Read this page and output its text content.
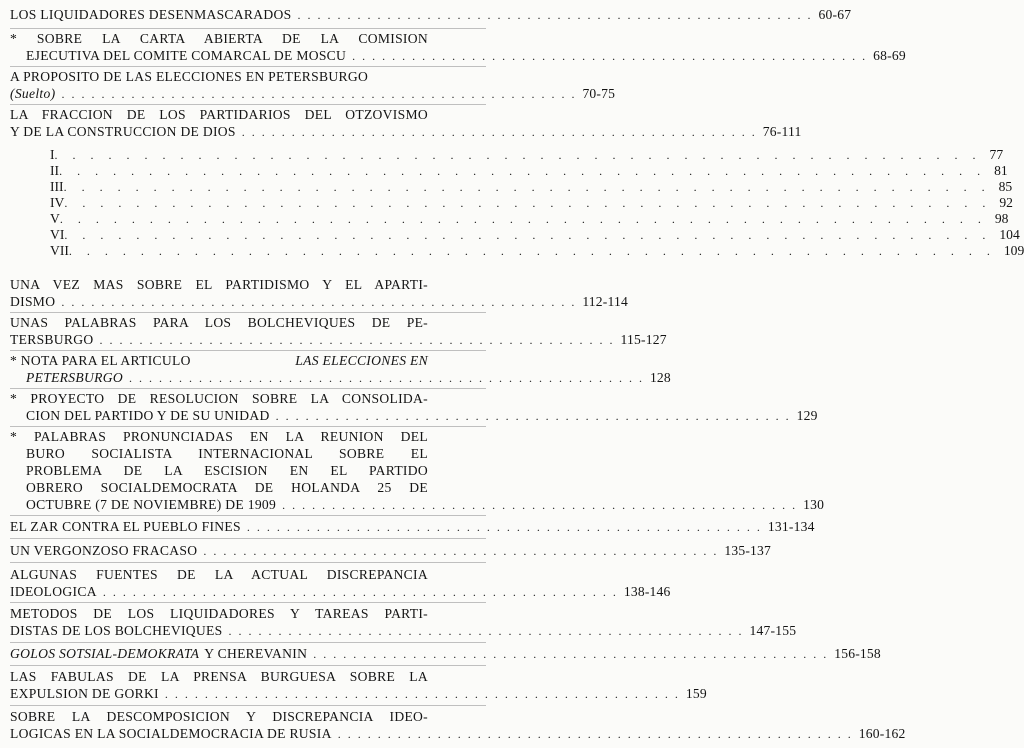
LOS LIQUIDADORES DESENMASCARADOS . . . . . . . . . . . . . . . . . . . . . . . . . . . . . . . . . . . . . . . . . . . . . . . . . . . . 60-67
* SOBRE LA CARTA ABIERTA DE LA COMISION
EJECUTIVA DEL COMITE COMARCAL DE MOSCU . . . . . . . . . . . . . . . . . . . . . . . . . . . . . . . . . . . . . . . . . . . . . . . . . . . . 68-69
A PROPOSITO DE LAS ELECCIONES EN PETERSBURGO
(Suelto) . . . . . . . . . . . . . . . . . . . . . . . . . . . . . . . . . . . . . . . . . . . . . . . . . . . . 70-75
LA FRACCION DE LOS PARTIDARIOS DEL OTZOVISMO
Y DE LA CONSTRUCCION DE DIOS . . . . . . . . . . . . . . . . . . . . . . . . . . . . . . . . . . . . . . . . . . . . . . . . . . . . 76-111
I . . . . . . . . . . . . . . . . . . . . . . . . . . . . . . . . . . . . . . . . . . . . . . . . . . . . 77
II . . . . . . . . . . . . . . . . . . . . . . . . . . . . . . . . . . . . . . . . . . . . . . . . . . . . 81
III . . . . . . . . . . . . . . . . . . . . . . . . . . . . . . . . . . . . . . . . . . . . . . . . . . . . 85
IV . . . . . . . . . . . . . . . . . . . . . . . . . . . . . . . . . . . . . . . . . . . . . . . . . . . . 92
V . . . . . . . . . . . . . . . . . . . . . . . . . . . . . . . . . . . . . . . . . . . . . . . . . . . . 98
VI . . . . . . . . . . . . . . . . . . . . . . . . . . . . . . . . . . . . . . . . . . . . . . . . . . . . 104
VII . . . . . . . . . . . . . . . . . . . . . . . . . . . . . . . . . . . . . . . . . . . . . . . . . . . . 109
UNA VEZ MAS SOBRE EL PARTIDISMO Y EL APARTI-
DISMO . . . . . . . . . . . . . . . . . . . . . . . . . . . . . . . . . . . . . . . . . . . . . . . . . . . . 112-114
UNAS PALABRAS PARA LOS BOLCHEVIQUES DE PE-
TERSBURGO . . . . . . . . . . . . . . . . . . . . . . . . . . . . . . . . . . . . . . . . . . . . . . . . . . . . 115-127
* NOTA PARA EL ARTICULO	LAS ELECCIONES EN
PETERSBURGO . . . . . . . . . . . . . . . . . . . . . . . . . . . . . . . . . . . . . . . . . . . . . . . . . . . . 128
* PROYECTO DE RESOLUCION SOBRE LA CONSOLIDA-
CION DEL PARTIDO Y DE SU UNIDAD . . . . . . . . . . . . . . . . . . . . . . . . . . . . . . . . . . . . . . . . . . . . . . . . . . . . 129
* PALABRAS PRONUNCIADAS EN LA REUNION DEL
BURO SOCIALISTA INTERNACIONAL SOBRE EL
PROBLEMA DE LA ESCISION EN EL PARTIDO
OBRERO SOCIALDEMOCRATA DE HOLANDA 25 DE
OCTUBRE (7 DE NOVIEMBRE) DE 1909 . . . . . . . . . . . . . . . . . . . . . . . . . . . . . . . . . . . . . . . . . . . . . . . . . . . . 130
EL ZAR CONTRA EL PUEBLO FINES . . . . . . . . . . . . . . . . . . . . . . . . . . . . . . . . . . . . . . . . . . . . . . . . . . . . 131-134
UN VERGONZOSO FRACASO . . . . . . . . . . . . . . . . . . . . . . . . . . . . . . . . . . . . . . . . . . . . . . . . . . . . 135-137
ALGUNAS FUENTES DE LA ACTUAL DISCREPANCIA
IDEOLOGICA . . . . . . . . . . . . . . . . . . . . . . . . . . . . . . . . . . . . . . . . . . . . . . . . . . . . 138-146
METODOS DE LOS LIQUIDADORES Y TAREAS PARTI-
DISTAS DE LOS BOLCHEVIQUES . . . . . . . . . . . . . . . . . . . . . . . . . . . . . . . . . . . . . . . . . . . . . . . . . . . . 147-155
GOLOS SOTSIAL-DEMOKRATA Y CHEREVANIN . . . . . . . . . . . . . . . . . . . . . . . . . . . . . . . . . . . . . . . . . . . . . . . . . . . . 156-158
LAS FABULAS DE LA PRENSA BURGUESA SOBRE LA
EXPULSION DE GORKI . . . . . . . . . . . . . . . . . . . . . . . . . . . . . . . . . . . . . . . . . . . . . . . . . . . . 159
SOBRE LA DESCOMPOSICION Y DISCREPANCIA IDEO-
LOGICAS EN LA SOCIALDEMOCRACIA DE RUSIA . . . . . . . . . . . . . . . . . . . . . . . . . . . . . . . . . . . . . . . . . . . . . . . . . . . . 160-162
